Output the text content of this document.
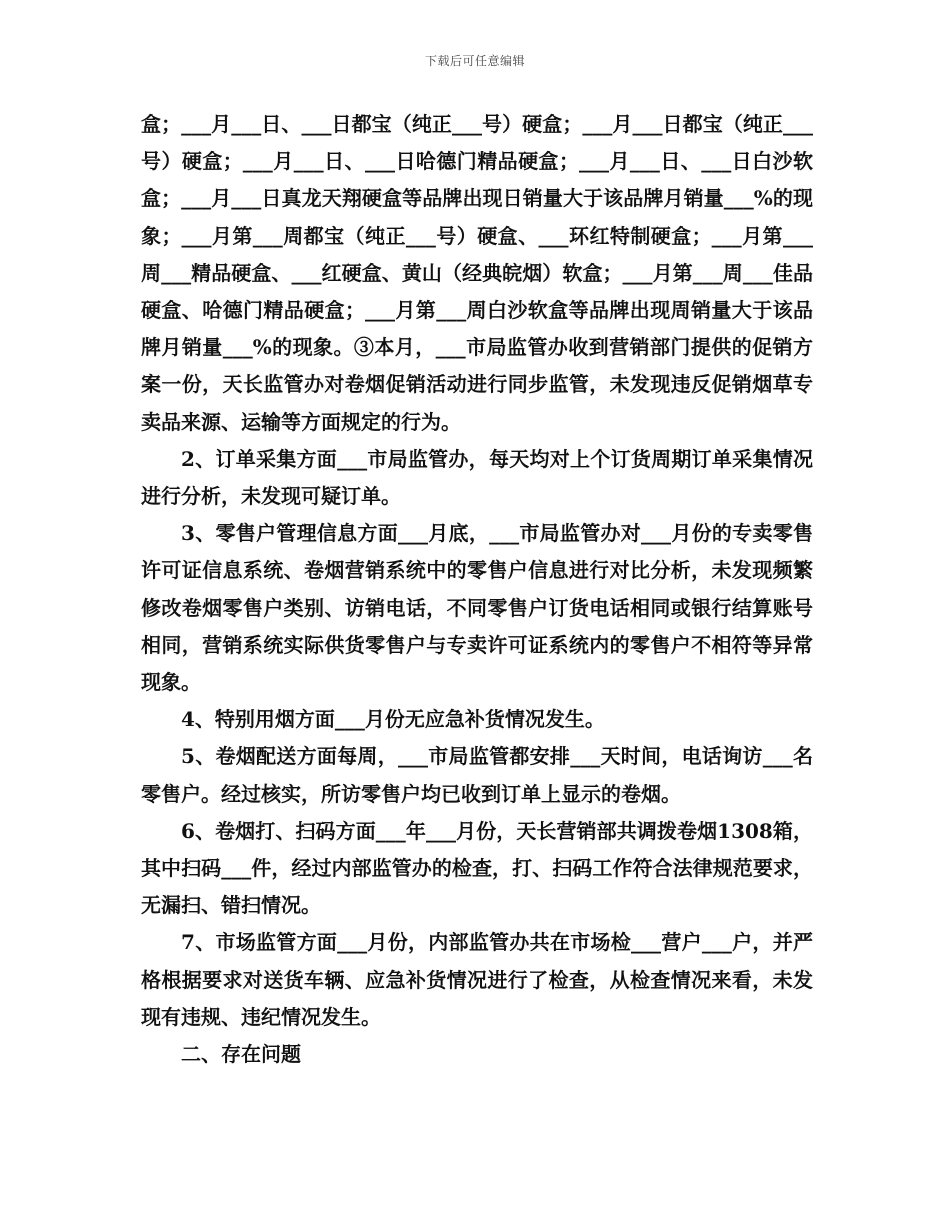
下载后可任意编辑

盒；___月___日、___日都宝（纯正___号）硬盒；___月___日都宝（纯正___号）硬盒；___月___日、___日哈德门精品硬盒；___月___日、___日白沙软盒；___月___日真龙天翔硬盒等品牌出现日销量大于该品牌月销量___%的现象；___月第___周都宝（纯正___号）硬盒、___环红特制硬盒；___月第___周___精品硬盒、___红硬盒、黄山（经典皖烟）软盒；___月第___周___佳品硬盒、哈德门精品硬盒；___月第___周白沙软盒等品牌出现周销量大于该品牌月销量___%的现象。③本月，___市局监管办收到营销部门提供的促销方案一份，天长监管办对卷烟促销活动进行同步监管，未发现违反促销烟草专卖品来源、运输等方面规定的行为。

2、订单采集方面___市局监管办，每天均对上个订货周期订单采集情况进行分析，未发现可疑订单。

3、零售户管理信息方面___月底，___市局监管办对___月份的专卖零售许可证信息系统、卷烟营销系统中的零售户信息进行对比分析，未发现频繁修改卷烟零售户类别、访销电话，不同零售户订货电话相同或银行结算账号相同，营销系统实际供货零售户与专卖许可证系统内的零售户不相符等异常现象。

4、特别用烟方面___月份无应急补货情况发生。

5、卷烟配送方面每周，___市局监管都安排___天时间，电话询访___名零售户。经过核实，所访零售户均已收到订单上显示的卷烟。

6、卷烟打、扫码方面___年___月份，天长营销部共调拨卷烟1308箱，其中扫码___件，经过内部监管办的检查，打、扫码工作符合法律规范要求，无漏扫、错扫情况。

7、市场监管方面___月份，内部监管办共在市场检___营户___户，并严格根据要求对送货车辆、应急补货情况进行了检查，从检查情况来看，未发现有违规、违纪情况发生。

二、存在问题
